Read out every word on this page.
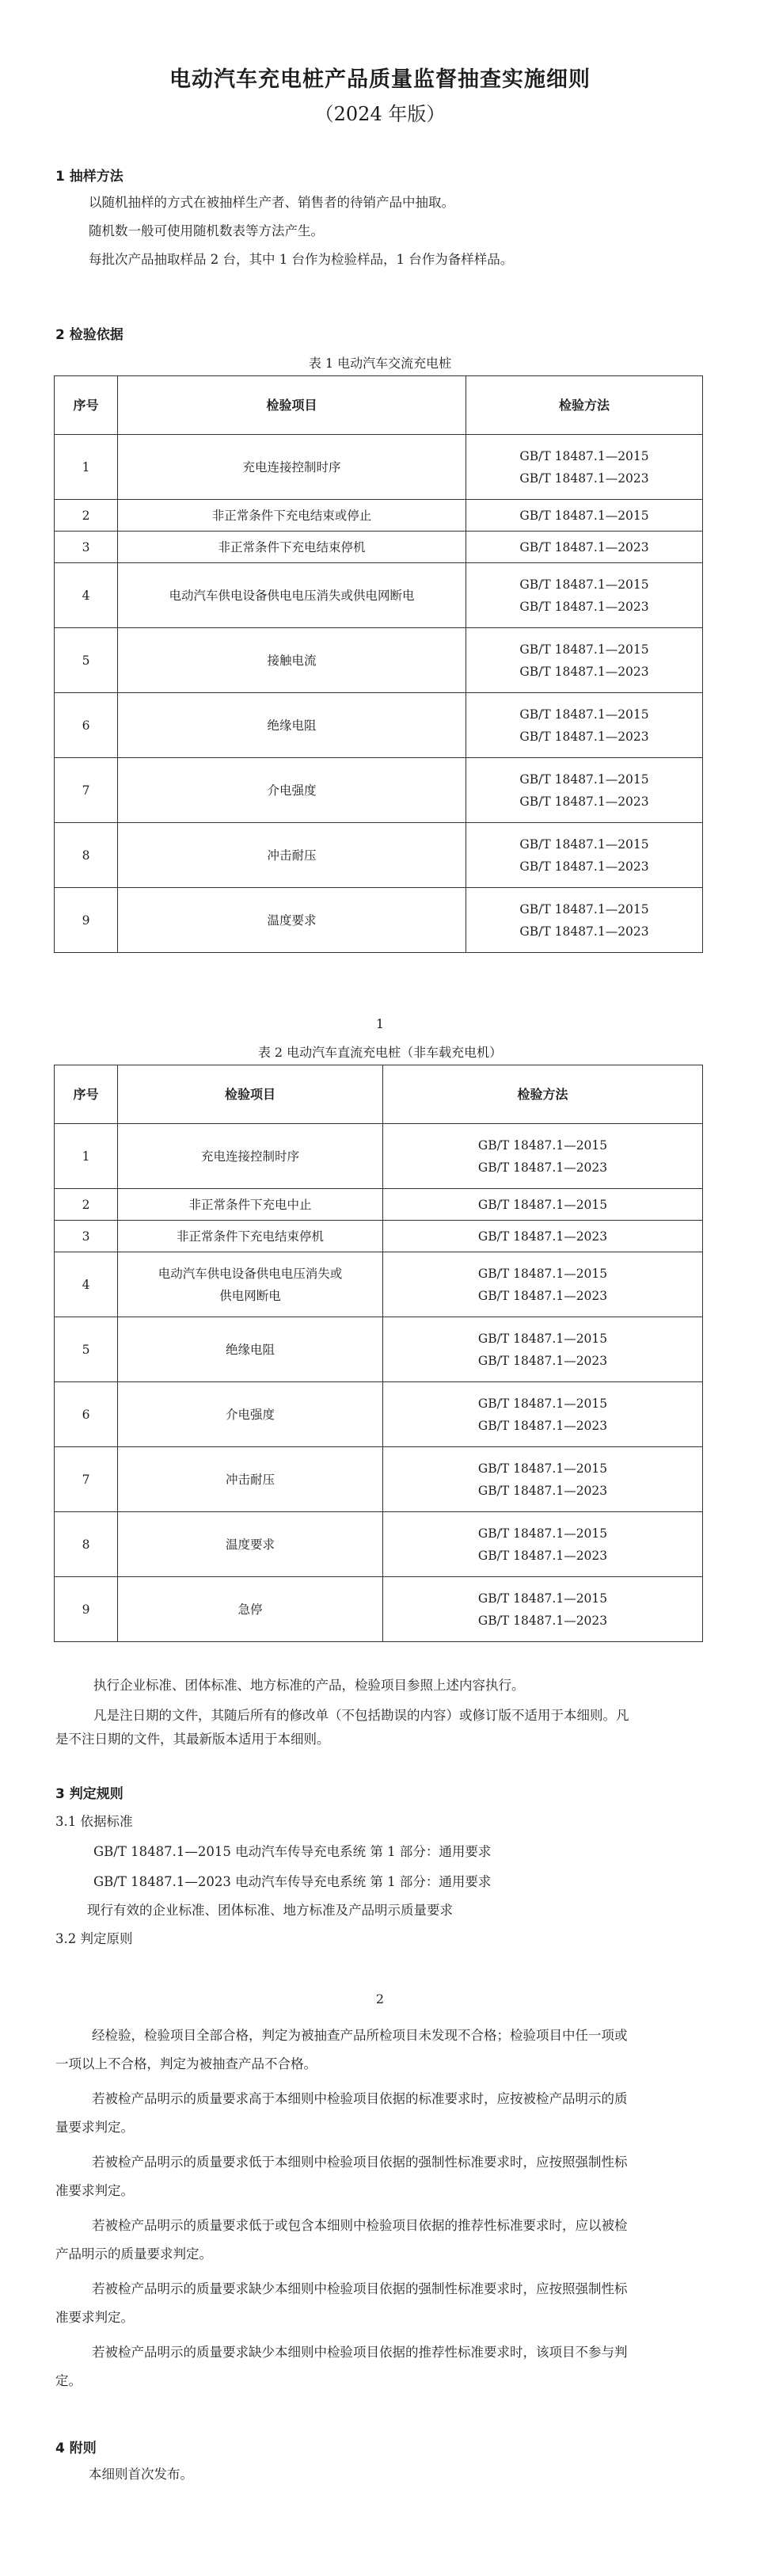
电动汽车充电桩产品质量监督抽查实施细则
（2024 年版）
1 抽样方法
以随机抽样的方式在被抽样生产者、销售者的待销产品中抽取。
随机数一般可使用随机数表等方法产生。
每批次产品抽取样品 2 台，其中 1 台作为检验样品，1 台作为备样样品。
2 检验依据
表 1 电动汽车交流充电桩
序号	检验项目	检验方法
1	充电连接控制时序	GB/T 18487.1—2015
GB/T 18487.1—2023

2	非正常条件下充电结束或停止	GB/T 18487.1—2015

3	非正常条件下充电结束停机	GB/T 18487.1—2023

4	电动汽车供电设备供电电压消失或供电网断电	GB/T 18487.1—2015
GB/T 18487.1—2023

5	接触电流	GB/T 18487.1—2015
GB/T 18487.1—2023

6	绝缘电阻	GB/T 18487.1—2015
GB/T 18487.1—2023

7	介电强度	GB/T 18487.1—2015
GB/T 18487.1—2023

8	冲击耐压	GB/T 18487.1—2015
GB/T 18487.1—2023

9	温度要求	GB/T 18487.1—2015
GB/T 18487.1—2023
1
表 2 电动汽车直流充电桩（非车载充电机）
序号	检验项目	检验方法
1	充电连接控制时序	GB/T 18487.1—2015
GB/T 18487.1—2023

2	非正常条件下充电中止	GB/T 18487.1—2015

3	非正常条件下充电结束停机	GB/T 18487.1—2023

4	电动汽车供电设备供电电压消失或
供电网断电	GB/T 18487.1—2015
GB/T 18487.1—2023

5	绝缘电阻	GB/T 18487.1—2015
GB/T 18487.1—2023

6	介电强度	GB/T 18487.1—2015
GB/T 18487.1—2023

7	冲击耐压	GB/T 18487.1—2015
GB/T 18487.1—2023

8	温度要求	GB/T 18487.1—2015
GB/T 18487.1—2023

9	急停	GB/T 18487.1—2015
GB/T 18487.1—2023
执行企业标准、团体标准、地方标准的产品，检验项目参照上述内容执行。
凡是注日期的文件，其随后所有的修改单（不包括勘误的内容）或修订版不适用于本细则。凡
是不注日期的文件，其最新版本适用于本细则。
3 判定规则
3.1 依据标准
GB/T 18487.1—2015 电动汽车传导充电系统 第 1 部分：通用要求
GB/T 18487.1—2023 电动汽车传导充电系统 第 1 部分：通用要求
现行有效的企业标准、团体标准、地方标准及产品明示质量要求
3.2 判定原则
2
经检验，检验项目全部合格，判定为被抽查产品所检项目未发现不合格；检验项目中任一项或
一项以上不合格，判定为被抽查产品不合格。
若被检产品明示的质量要求高于本细则中检验项目依据的标准要求时，应按被检产品明示的质
量要求判定。
若被检产品明示的质量要求低于本细则中检验项目依据的强制性标准要求时，应按照强制性标
准要求判定。
若被检产品明示的质量要求低于或包含本细则中检验项目依据的推荐性标准要求时，应以被检
产品明示的质量要求判定。
若被检产品明示的质量要求缺少本细则中检验项目依据的强制性标准要求时，应按照强制性标
准要求判定。
若被检产品明示的质量要求缺少本细则中检验项目依据的推荐性标准要求时，该项目不参与判
定。
4 附则
本细则首次发布。
